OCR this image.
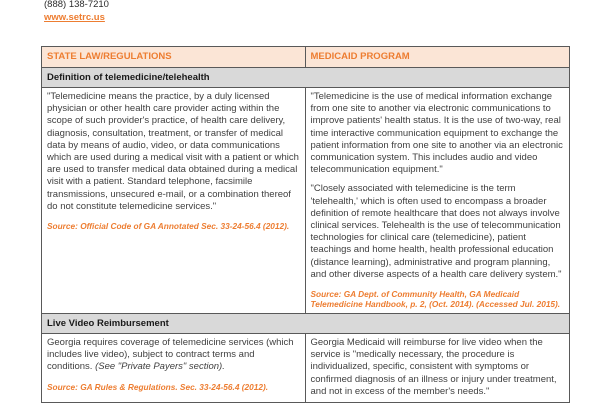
(888) 138-7210
www.setrc.us
STATE LAW/REGULATIONS	MEDICAID PROGRAM
Definition of telemedicine/telehealth

"Telemedicine means the practice, by a duly licensed physician or other health care provider acting within the scope of such provider's practice, of health care delivery, diagnosis, consultation, treatment, or transfer of medical data by means of audio, video, or data communications which are used during a medical visit with a patient or which are used to transfer medical data obtained during a medical visit with a patient. Standard telephone, facsimile transmissions, unsecured e-mail, or a combination thereof do not constitute telemedicine services."

Source: Official Code of GA Annotated Sec. 33-24-56.4 (2012).

"Telemedicine is the use of medical information exchange from one site to another via electronic communications to improve patients' health status. It is the use of two-way, real time interactive communication equipment to exchange the patient information from one site to another via an electronic communication system. This includes audio and video telecommunication equipment."

"Closely associated with telemedicine is the term 'telehealth,' which is often used to encompass a broader definition of remote healthcare that does not always involve clinical services. Telehealth is the use of telecommunication technologies for clinical care (telemedicine), patient teachings and home health, health professional education (distance learning), administrative and program planning, and other diverse aspects of a health care delivery system."

Source: GA Dept. of Community Health, GA Medicaid Telemedicine Handbook, p. 2, (Oct. 2014). (Accessed Jul. 2015).
Live Video Reimbursement

Georgia requires coverage of telemedicine services (which includes live video), subject to contract terms and conditions. (See "Private Payers" section).

Source: GA Rules & Regulations. Sec. 33-24-56.4 (2012).

Georgia Medicaid will reimburse for live video when the service is "medically necessary, the procedure is individualized, specific, consistent with symptoms or confirmed diagnosis of an illness or injury under treatment, and not in excess of the member's needs."
